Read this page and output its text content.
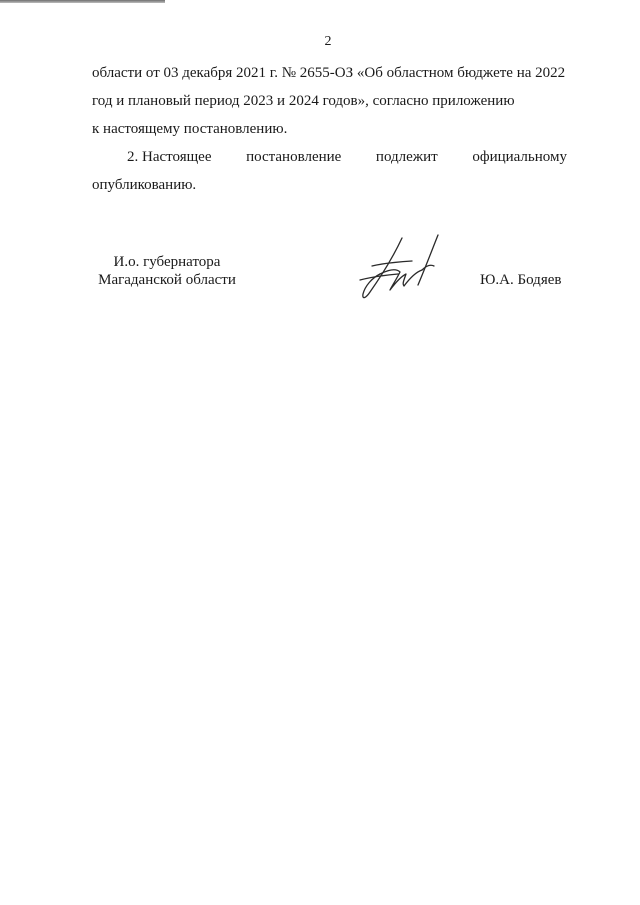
2
области от 03 декабря 2021 г. № 2655-ОЗ «Об областном бюджете на 2022
год и плановый период 2023 и 2024 годов», согласно приложению
к настоящему постановлению.
2. Настоящее постановление подлежит официальному
опубликованию.
И.о. губернатора
Магаданской области	Ю.А. Бодяев
